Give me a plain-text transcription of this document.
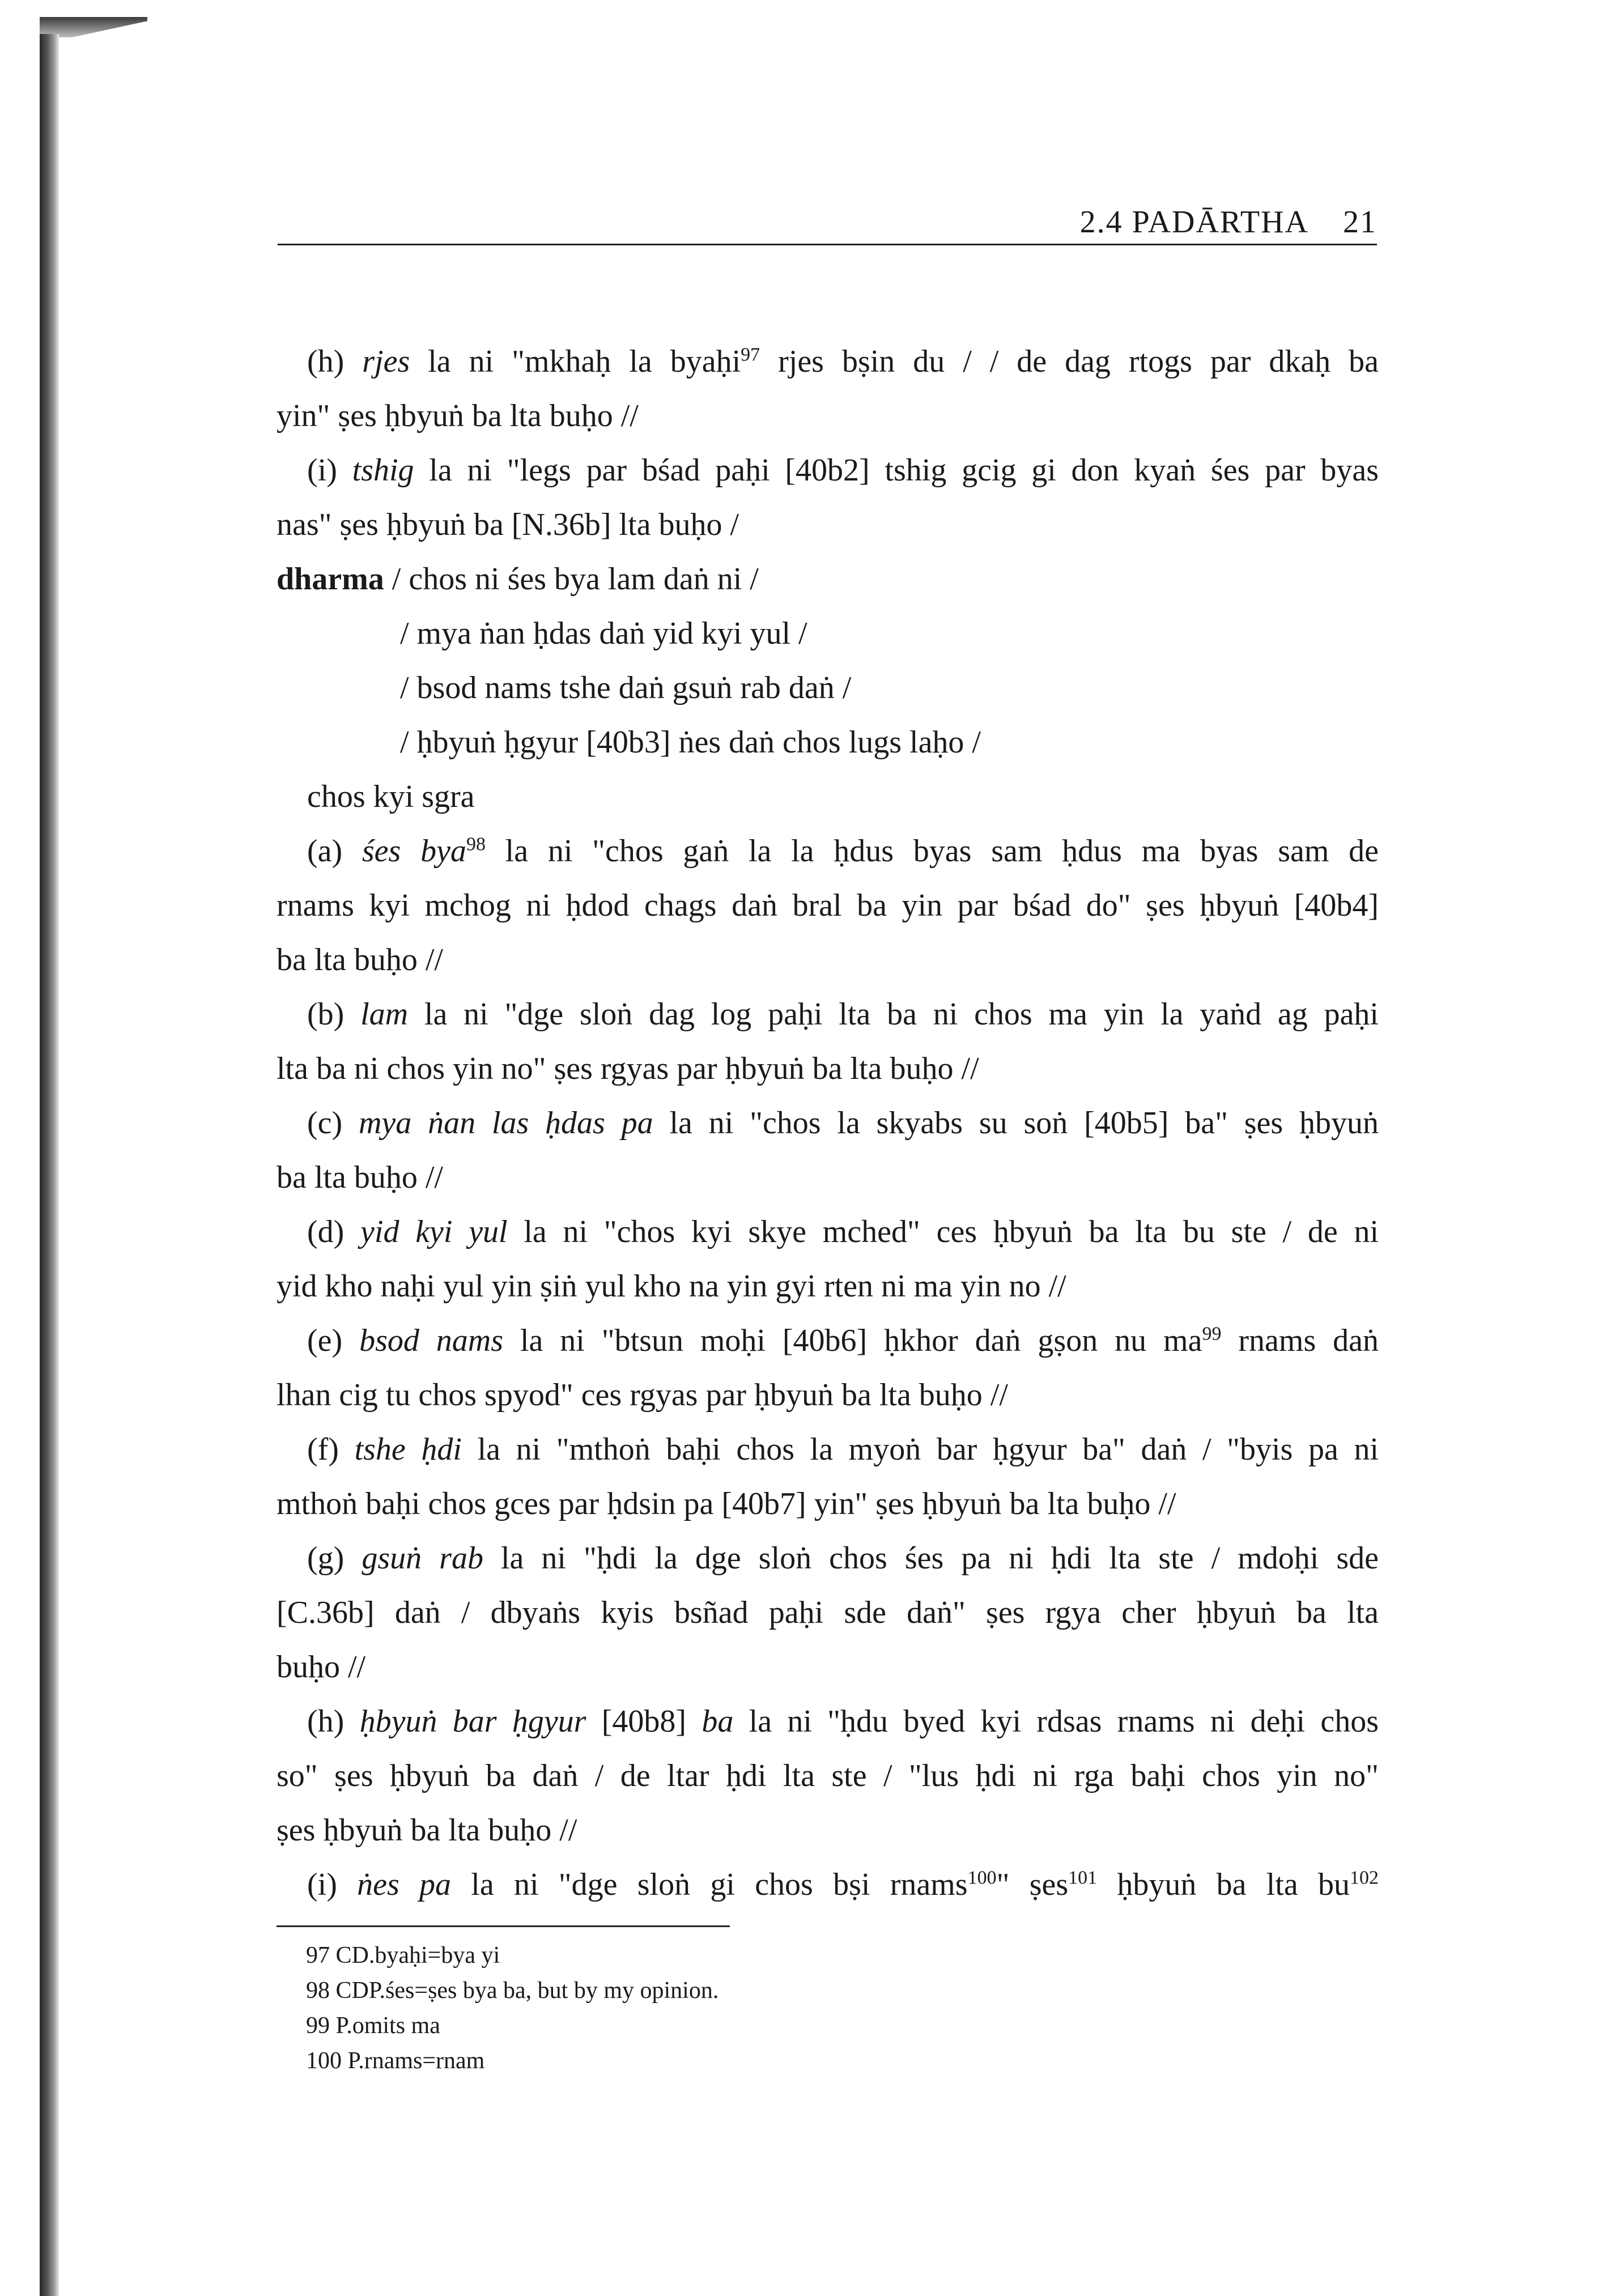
2.4 PADĀRTHA 21
(h) rjes la ni "mkhaḥ la byaḥi$^{97}$ rjes bṣin du / / de dag rtogs par dkaḥ ba
yin" ṣes ḥbyuṅ ba lta buḥo //
(i) tshig la ni "legs par bśad paḥi [40b2] tshig gcig gi don kyaṅ śes par byas
nas" ṣes ḥbyuṅ ba [N.36b] lta buḥo /
dharma / chos ni śes bya lam daṅ ni /
/ mya ṅan ḥdas daṅ yid kyi yul /
/ bsod nams tshe daṅ gsuṅ rab daṅ /
/ ḥbyuṅ ḥgyur [40b3] ṅes daṅ chos lugs laḥo /
chos kyi sgra
(a) śes bya$^{98}$ la ni "chos gaṅ la la ḥdus byas sam ḥdus ma byas sam de
rnams kyi mchog ni ḥdod chags daṅ bral ba yin par bśad do" ṣes ḥbyuṅ [40b4]
ba lta buḥo //
(b) lam la ni "dge sloṅ dag log paḥi lta ba ni chos ma yin la yaṅd ag paḥi
lta ba ni chos yin no" ṣes rgyas par ḥbyuṅ ba lta buḥo //
(c) mya ṅan las ḥdas pa la ni "chos la skyabs su soṅ [40b5] ba" ṣes ḥbyuṅ
ba lta buḥo //
(d) yid kyi yul la ni "chos kyi skye mched" ces ḥbyuṅ ba lta bu ste / de ni
yid kho naḥi yul yin ṣiṅ yul kho na yin gyi rten ni ma yin no //
(e) bsod nams la ni "btsun moḥi [40b6] ḥkhor daṅ gṣon nu $ma^{99}$ rnams daṅ
lhan cig tu chos spyod" ces rgyas par ḥbyuṅ ba lta buḥo //
(f) tshe ḥdi la ni "mthoṅ baḥi chos la myoṅ bar ḥgyur ba" daṅ / "byis pa ni
mthoṅ baḥi chos gces par ḥdsin pa [40b7] yin" ṣes ḥbyuṅ ba lta buḥo //
(g) gsuṅ rab la ni "ḥdi la dge sloṅ chos śes pa ni ḥdi lta ste / mdoḥi sde
[C.36b] daṅ / dbyaṅs kyis bsñad paḥi sde daṅ" ṣes rgya cher ḥbyuṅ ba lta
buḥo //
(h) ḥbyuṅ bar ḥgyur [40b8] ba la ni "ḥdu byed kyi rdsas rnams ni deḥi chos
so" ṣes ḥbyuṅ ba daṅ / de ltar ḥdi lta ste / "lus ḥdi ni rga baḥi chos yin no"
ṣes ḥbyuṅ ba lta buḥo //
(i) ṅes pa la ni "dge sloṅ gi chos bṣi rnams$^{100}$" ṣes$^{101}$ ḥbyuṅ ba lta $bu^{102}$
97 CD.byaḥi=bya yi
98 CDP.śes=ṣes bya ba, but by my opinion.
99 P.omits ma
100 P.rnams=rnam
